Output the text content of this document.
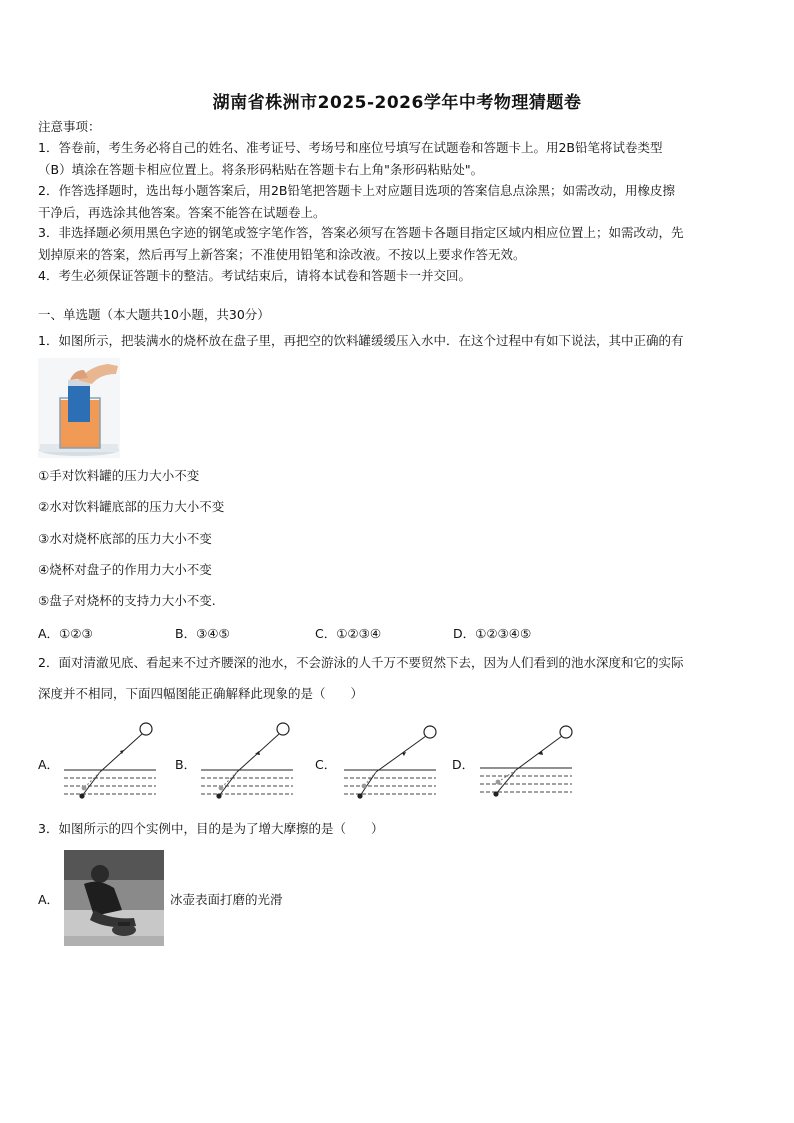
湖南省株洲市2025-2026学年中考物理猜题卷
注意事项：
1．答卷前，考生务必将自己的姓名、准考证号、考场号和座位号填写在试题卷和答题卡上。用2B铅笔将试卷类型
（B）填涂在答题卡相应位置上。将条形码粘贴在答题卡右上角"条形码粘贴处"。
2．作答选择题时，选出每小题答案后，用2B铅笔把答题卡上对应题目选项的答案信息点涂黑；如需改动，用橡皮擦
干净后，再选涂其他答案。答案不能答在试题卷上。
3．非选择题必须用黑色字迹的钢笔或签字笔作答，答案必须写在答题卡各题目指定区域内相应位置上；如需改动，先
划掉原来的答案，然后再写上新答案；不准使用铅笔和涂改液。不按以上要求作答无效。
4．考生必须保证答题卡的整洁。考试结束后，请将本试卷和答题卡一并交回。
一、单选题（本大题共10小题，共30分）
1．如图所示，把装满水的烧杯放在盘子里，再把空的饮料罐缓缓压入水中．在这个过程中有如下说法，其中正确的有
①手对饮料罐的压力大小不变
②水对饮料罐底部的压力大小不变
③水对烧杯底部的压力大小不变
④烧杯对盘子的作用力大小不变
⑤盘子对烧杯的支持力大小不变.
A．①②③	B．③④⑤	C．①②③④	D．①②③④⑤
2．面对清澈见底、看起来不过齐腰深的池水，不会游泳的人千万不要贸然下去，因为人们看到的池水深度和它的实际
深度并不相同，下面四幅图能正确解释此现象的是（　　）
A．	B．	C．	D．
3．如图所示的四个实例中，目的是为了增大摩擦的是（　　）
A．	冰壶表面打磨的光滑
